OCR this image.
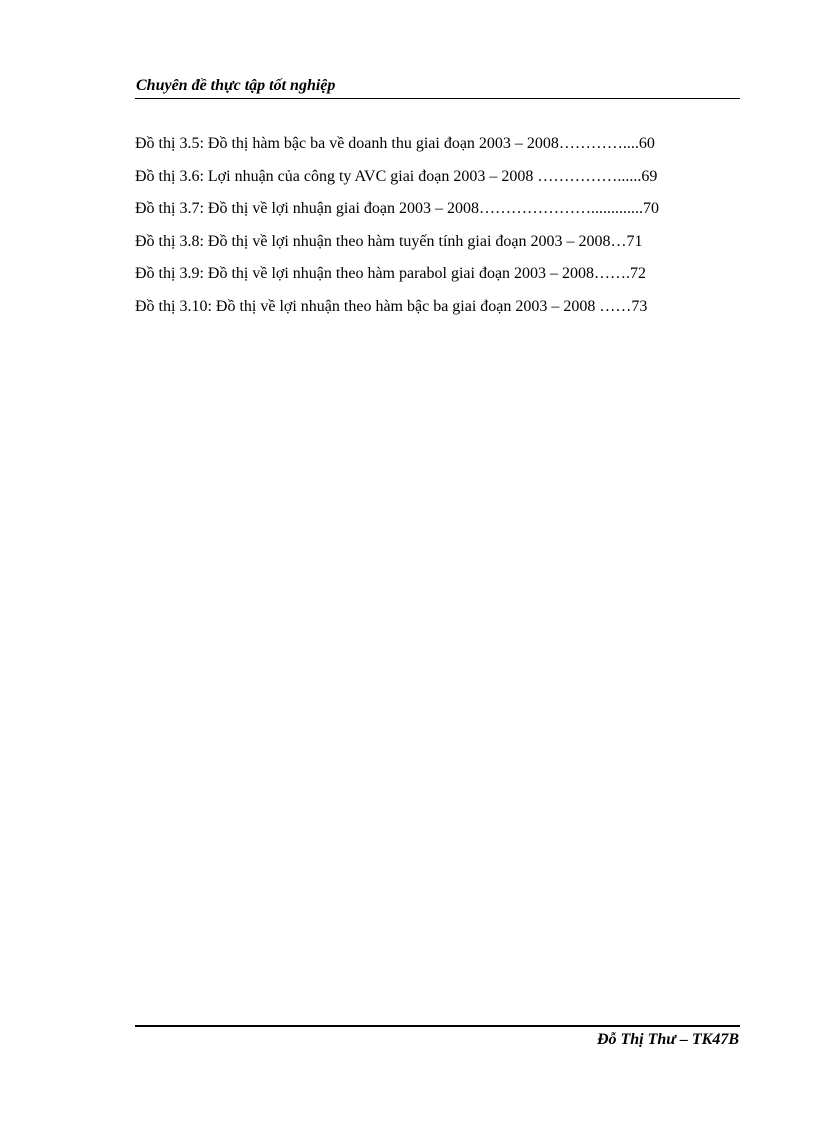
Chuyên đề thực tập tốt nghiệp
Đồ thị 3.5: Đồ thị hàm bậc ba về doanh thu giai đoạn 2003 – 2008…………....60
Đồ thị 3.6: Lợi nhuận của công ty AVC giai đoạn 2003 – 2008 ……………......69
Đồ thị 3.7: Đồ thị về lợi nhuận giai đoạn 2003 – 2008………………….............70
Đồ thị 3.8: Đồ thị về lợi nhuận theo hàm tuyến tính giai đoạn 2003 – 2008…71
Đồ thị 3.9: Đồ thị về lợi nhuận theo hàm parabol giai đoạn 2003 – 2008…….72
Đồ thị 3.10: Đồ thị về lợi nhuận theo hàm bậc ba giai đoạn 2003 – 2008 ……73
Đỗ Thị Thư – TK47B
